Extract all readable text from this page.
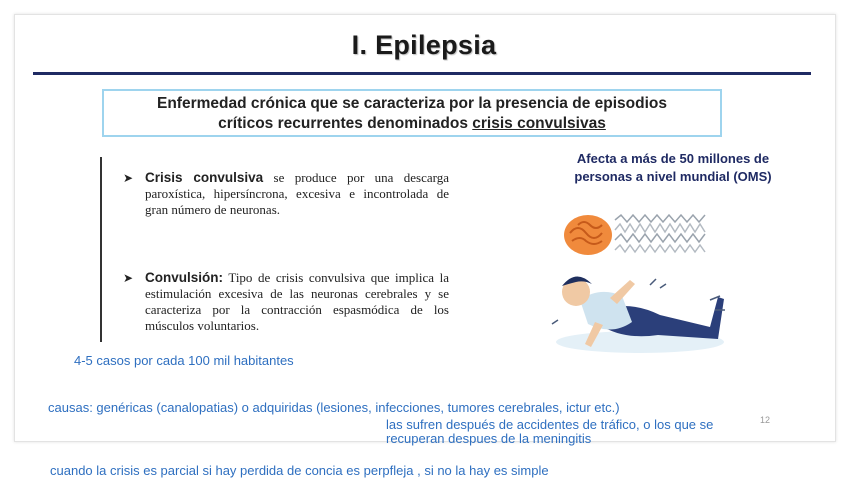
I. Epilepsia
Enfermedad crónica que se caracteriza por la presencia de episodios
críticos recurrentes denominados crisis convulsivas
➤ Crisis convulsiva se produce por una descarga paroxística, hipersíncrona, excesiva e incontrolada de gran número de neuronas.
➤ Convulsión: Tipo de crisis convulsiva que implica la estimulación excesiva de las neuronas cerebrales y se caracteriza por la contracción espasmódica de los músculos voluntarios.
Afecta a más de 50 millones de
personas a nivel mundial (OMS)
4-5 casos por cada 100 mil habitantes
causas: genéricas (canalopatias) o adquiridas (lesiones, infecciones, tumores cerebrales, ictur etc.)
12
las sufren después de accidentes de tráfico, o los que se
recuperan despues de la meningitis
cuando la crisis es parcial si hay perdida de concia es perpfleja , si no la hay es simple
